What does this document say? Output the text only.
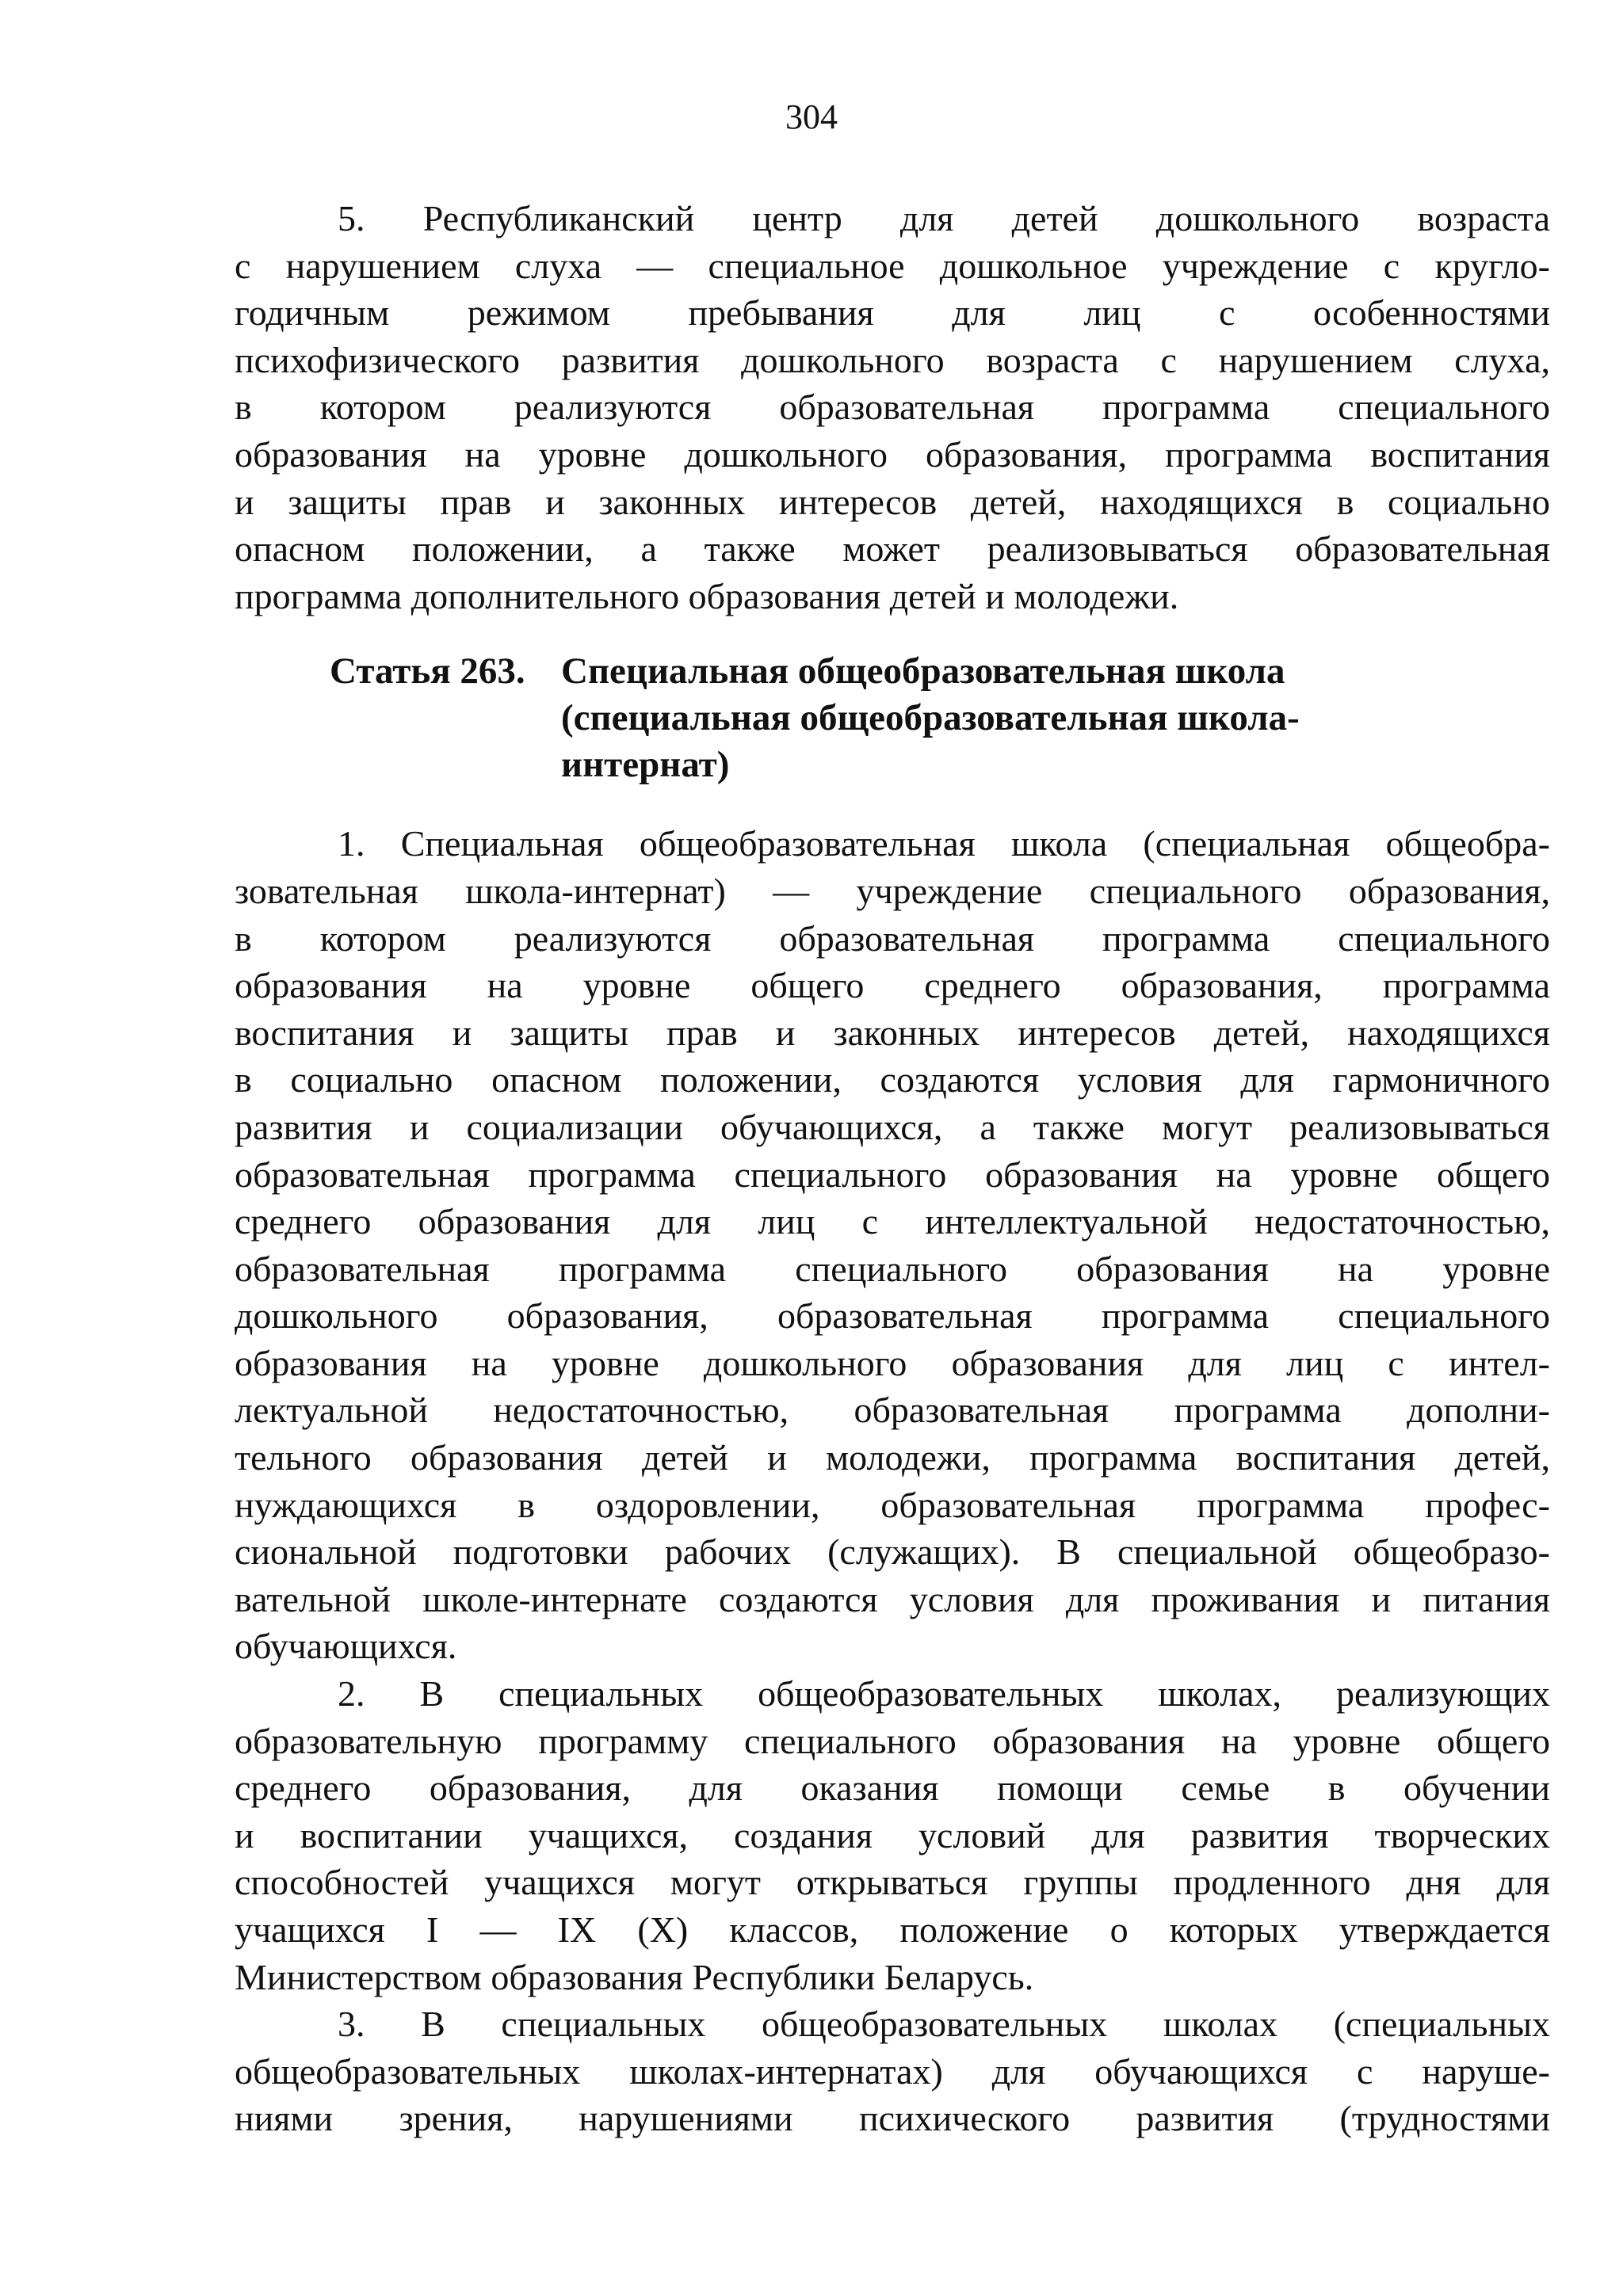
304
5. Республиканский центр для детей дошкольного возраста
с нарушением слуха — специальное дошкольное учреждение с кругло-
годичным режимом пребывания для лиц с особенностями
психофизического развития дошкольного возраста с нарушением слуха,
в котором реализуются образовательная программа специального
образования на уровне дошкольного образования, программа воспитания
и защиты прав и законных интересов детей, находящихся в социально
опасном положении, а также может реализовываться образовательная
программа дополнительного образования детей и молодежи.
Статья 263. Специальная общеобразовательная школа
(специальная общеобразовательная школа-
интернат)
1. Специальная общеобразовательная школа (специальная общеобра-
зовательная школа-интернат) — учреждение специального образования,
в котором реализуются образовательная программа специального
образования на уровне общего среднего образования, программа
воспитания и защиты прав и законных интересов детей, находящихся
в социально опасном положении, создаются условия для гармоничного
развития и социализации обучающихся, а также могут реализовываться
образовательная программа специального образования на уровне общего
среднего образования для лиц с интеллектуальной недостаточностью,
образовательная программа специального образования на уровне
дошкольного образования, образовательная программа специального
образования на уровне дошкольного образования для лиц с интел-
лектуальной недостаточностью, образовательная программа дополни-
тельного образования детей и молодежи, программа воспитания детей,
нуждающихся в оздоровлении, образовательная программа профес-
сиональной подготовки рабочих (служащих). В специальной общеобразо-
вательной школе-интернате создаются условия для проживания и питания
обучающихся.
2. В специальных общеобразовательных школах, реализующих
образовательную программу специального образования на уровне общего
среднего образования, для оказания помощи семье в обучении
и воспитании учащихся, создания условий для развития творческих
способностей учащихся могут открываться группы продленного дня для
учащихся I — IX (X) классов, положение о которых утверждается
Министерством образования Республики Беларусь.
3. В специальных общеобразовательных школах (специальных
общеобразовательных школах-интернатах) для обучающихся с наруше-
ниями зрения, нарушениями психического развития (трудностями
